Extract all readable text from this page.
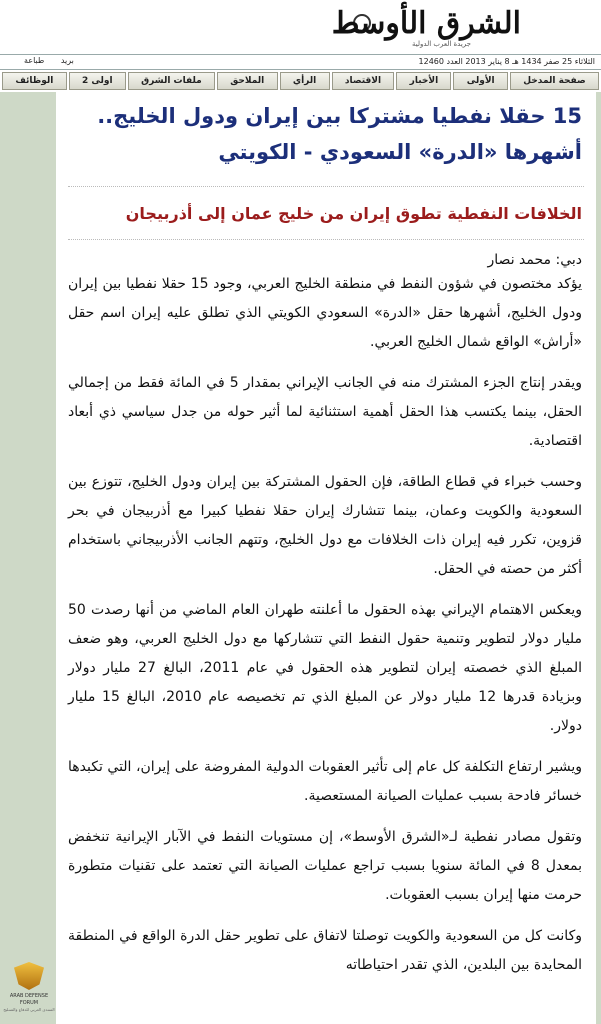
الشرق الأوسط
جريدة العرب الدولية
الثلاثاء 25 صفر 1434 هـ 8 يناير 2013 العدد 12460
بريد طباعة
صفحة المدخل
الأولى
الأخبار
الاقتصاد
الرأي
الملاحق
ملفات الشرق
اولى 2
الوظائف
15 حقلا نفطيا مشتركا بين إيران ودول الخليج..
أشهرها «الدرة» السعودي - الكويتي
الخلافات النفطية تطوق إيران من خليج عمان إلى أذربيجان
دبي: محمد نصار
يؤكد مختصون في شؤون النفط في منطقة الخليج العربي، وجود 15 حقلا نفطيا بين إيران ودول الخليج، أشهرها حقل «الدرة» السعودي الكويتي الذي تطلق عليه إيران اسم حقل «أراش» الواقع شمال الخليج العربي.
ويقدر إنتاج الجزء المشترك منه في الجانب الإيراني بمقدار 5 في المائة فقط من إجمالي الحقل، بينما يكتسب هذا الحقل أهمية استثنائية لما أثير حوله من جدل سياسي ذي أبعاد اقتصادية.
وحسب خبراء في قطاع الطاقة، فإن الحقول المشتركة بين إيران ودول الخليج، تتوزع بين السعودية والكويت وعمان، بينما تتشارك إيران حقلا نفطيا كبيرا مع أذربيجان في بحر قزوين، تكرر فيه إيران ذات الخلافات مع دول الخليج، وتتهم الجانب الأذربيجاني باستخدام أكثر من حصته في الحقل.
ويعكس الاهتمام الإيراني بهذه الحقول ما أعلنته طهران العام الماضي من أنها رصدت 50 مليار دولار لتطوير وتنمية حقول النفط التي تتشاركها مع دول الخليج العربي، وهو ضعف المبلغ الذي خصصته إيران لتطوير هذه الحقول في عام 2011، البالغ 27 مليار دولار وبزيادة قدرها 12 مليار دولار عن المبلغ الذي تم تخصيصه عام 2010، البالغ 15 مليار دولار.
ويشير ارتفاع التكلفة كل عام إلى تأثير العقوبات الدولية المفروضة على إيران، التي تكبدها خسائر فادحة بسبب عمليات الصيانة المستعصية.
وتقول مصادر نفطية لـ«الشرق الأوسط»، إن مستويات النفط في الآبار الإيرانية تنخفض بمعدل 8 في المائة سنويا بسبب تراجع عمليات الصيانة التي تعتمد على تقنيات متطورة حرمت منها إيران بسبب العقوبات.
وكانت كل من السعودية والكويت توصلتا لاتفاق على تطوير حقل الدرة الواقع في المنطقة المحايدة بين البلدين، الذي تقدر احتياطاته
ARAB DEFENSE FORUM
المنتدى العربي للدفاع والتسليح
